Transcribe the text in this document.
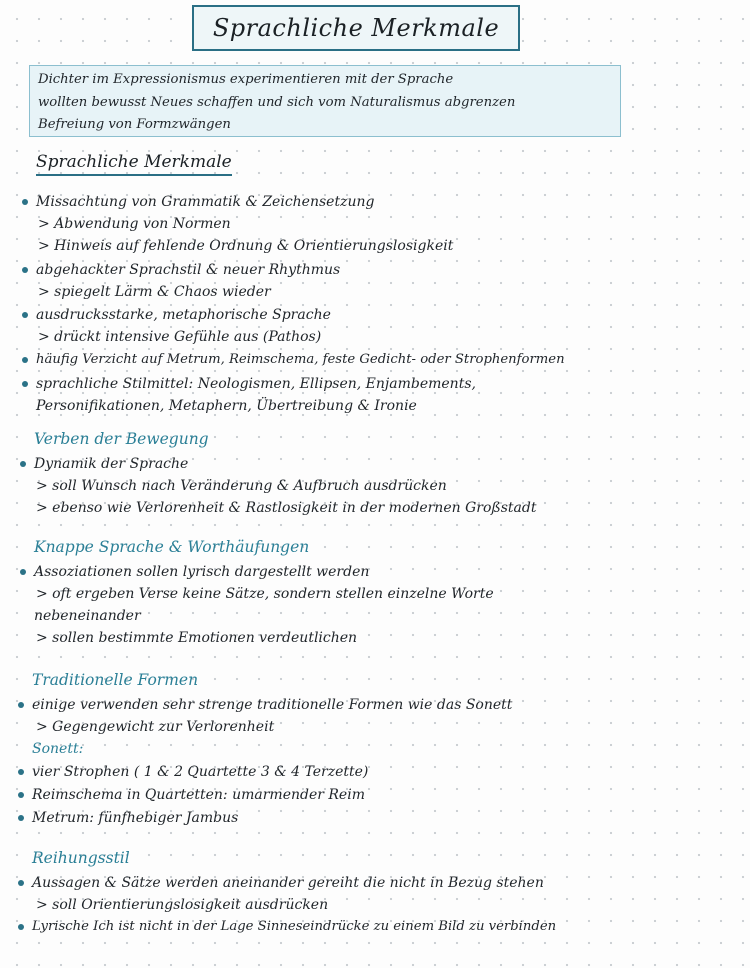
Sprachliche Merkmale
Dichter im Expressionismus experimentieren mit der Sprache
wollten bewusst Neues schaffen und sich vom Naturalismus abgrenzen
Befreiung von Formzwängen
Sprachliche Merkmale
Missachtung von Grammatik & Zeichensetzung
> Abwendung von Normen
> Hinweis auf fehlende Ordnung & Orientierungslosigkeit
abgehackter Sprachstil & neuer Rhythmus
> spiegelt Lärm & Chaos wieder
ausdrucksstarke, metaphorische Sprache
> drückt intensive Gefühle aus (Pathos)
häufig Verzicht auf Metrum, Reimschema, feste Gedicht- oder Strophenformen
sprachliche Stilmittel: Neologismen, Ellipsen, Enjambements,
Personifikationen, Metaphern, Übertreibung & Ironie
Verben der Bewegung
Dynamik der Sprache
> soll Wunsch nach Veränderung & Aufbruch ausdrücken
> ebenso wie Verlorenheit & Rastlosigkeit in der modernen Großstadt
Knappe Sprache & Worthäufungen
Assoziationen sollen lyrisch dargestellt werden
> oft ergeben Verse keine Sätze, sondern stellen einzelne Worte
nebeneinander
> sollen bestimmte Emotionen verdeutlichen
Traditionelle Formen
einige verwenden sehr strenge traditionelle Formen wie das Sonett
> Gegengewicht zur Verlorenheit
Sonett:
vier Strophen ( 1 & 2 Quartette 3 & 4 Terzette)
Reimschema in Quartetten: umarmender Reim
Metrum: fünfhebiger Jambus
Reihungsstil
Aussagen & Sätze werden aneinander gereiht die nicht in Bezug stehen
> soll Orientierungslosigkeit ausdrücken
Lyrische Ich ist nicht in der Lage Sinneseindrücke zu einem Bild zu verbinden
